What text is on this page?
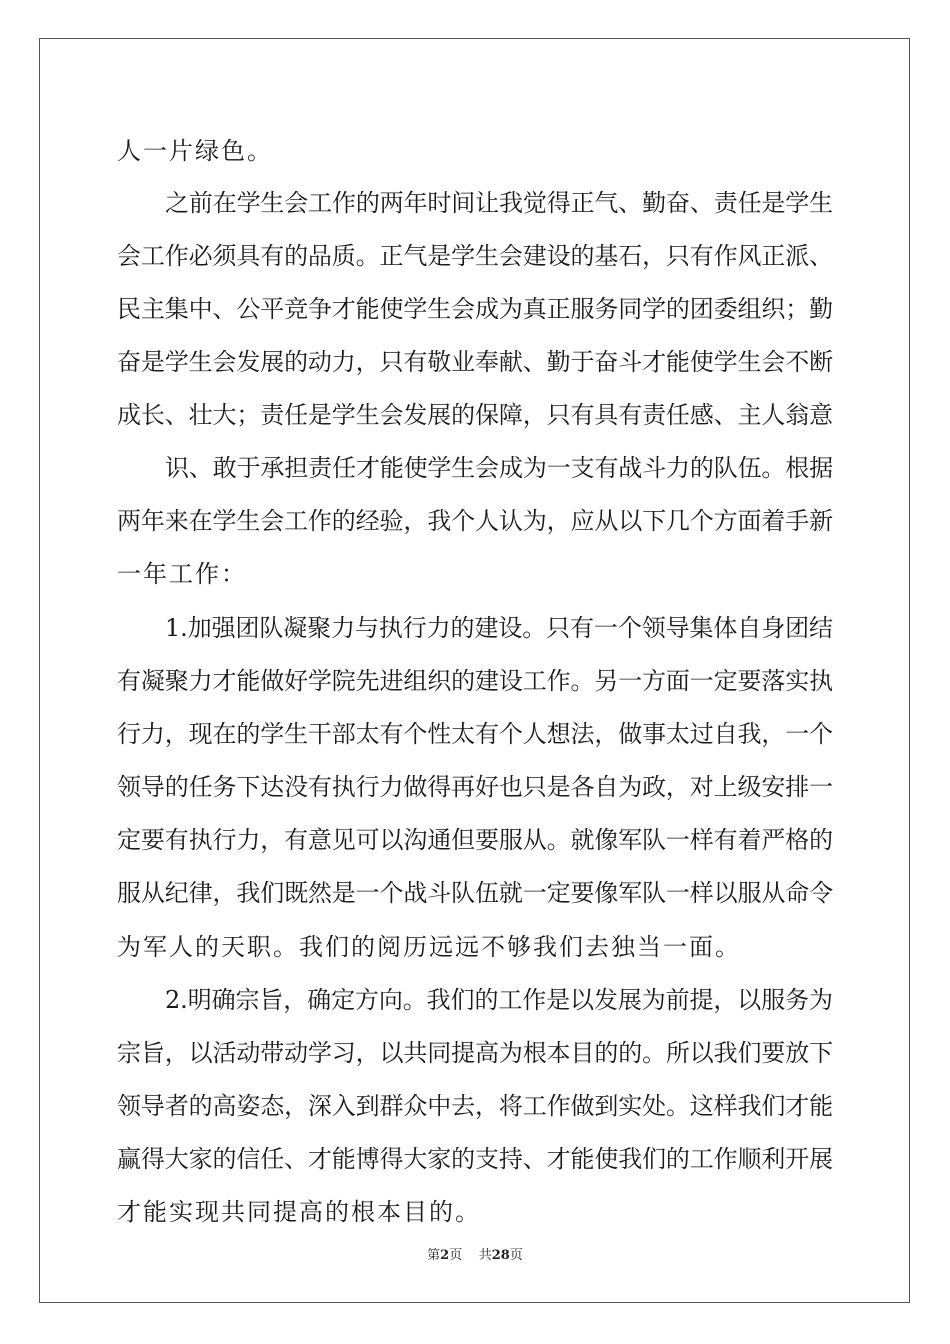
人一片绿色。
之前在学生会工作的两年时间让我觉得正气、勤奋、责任是学生
会工作必须具有的品质。正气是学生会建设的基石，只有作风正派、
民主集中、公平竞争才能使学生会成为真正服务同学的团委组织；勤
奋是学生会发展的动力，只有敬业奉献、勤于奋斗才能使学生会不断
成长、壮大；责任是学生会发展的保障，只有具有责任感、主人翁意
识、敢于承担责任才能使学生会成为一支有战斗力的队伍。根据
两年来在学生会工作的经验，我个人认为，应从以下几个方面着手新
一年工作：
1.加强团队凝聚力与执行力的建设。只有一个领导集体自身团结
有凝聚力才能做好学院先进组织的建设工作。另一方面一定要落实执
行力，现在的学生干部太有个性太有个人想法，做事太过自我，一个
领导的任务下达没有执行力做得再好也只是各自为政，对上级安排一
定要有执行力，有意见可以沟通但要服从。就像军队一样有着严格的
服从纪律，我们既然是一个战斗队伍就一定要像军队一样以服从命令
为军人的天职。我们的阅历远远不够我们去独当一面。
2.明确宗旨，确定方向。我们的工作是以发展为前提，以服务为
宗旨，以活动带动学习，以共同提高为根本目的的。所以我们要放下
领导者的高姿态，深入到群众中去，将工作做到实处。这样我们才能
赢得大家的信任、才能博得大家的支持、才能使我们的工作顺利开展
才能实现共同提高的根本目的。
第2页 共28页
